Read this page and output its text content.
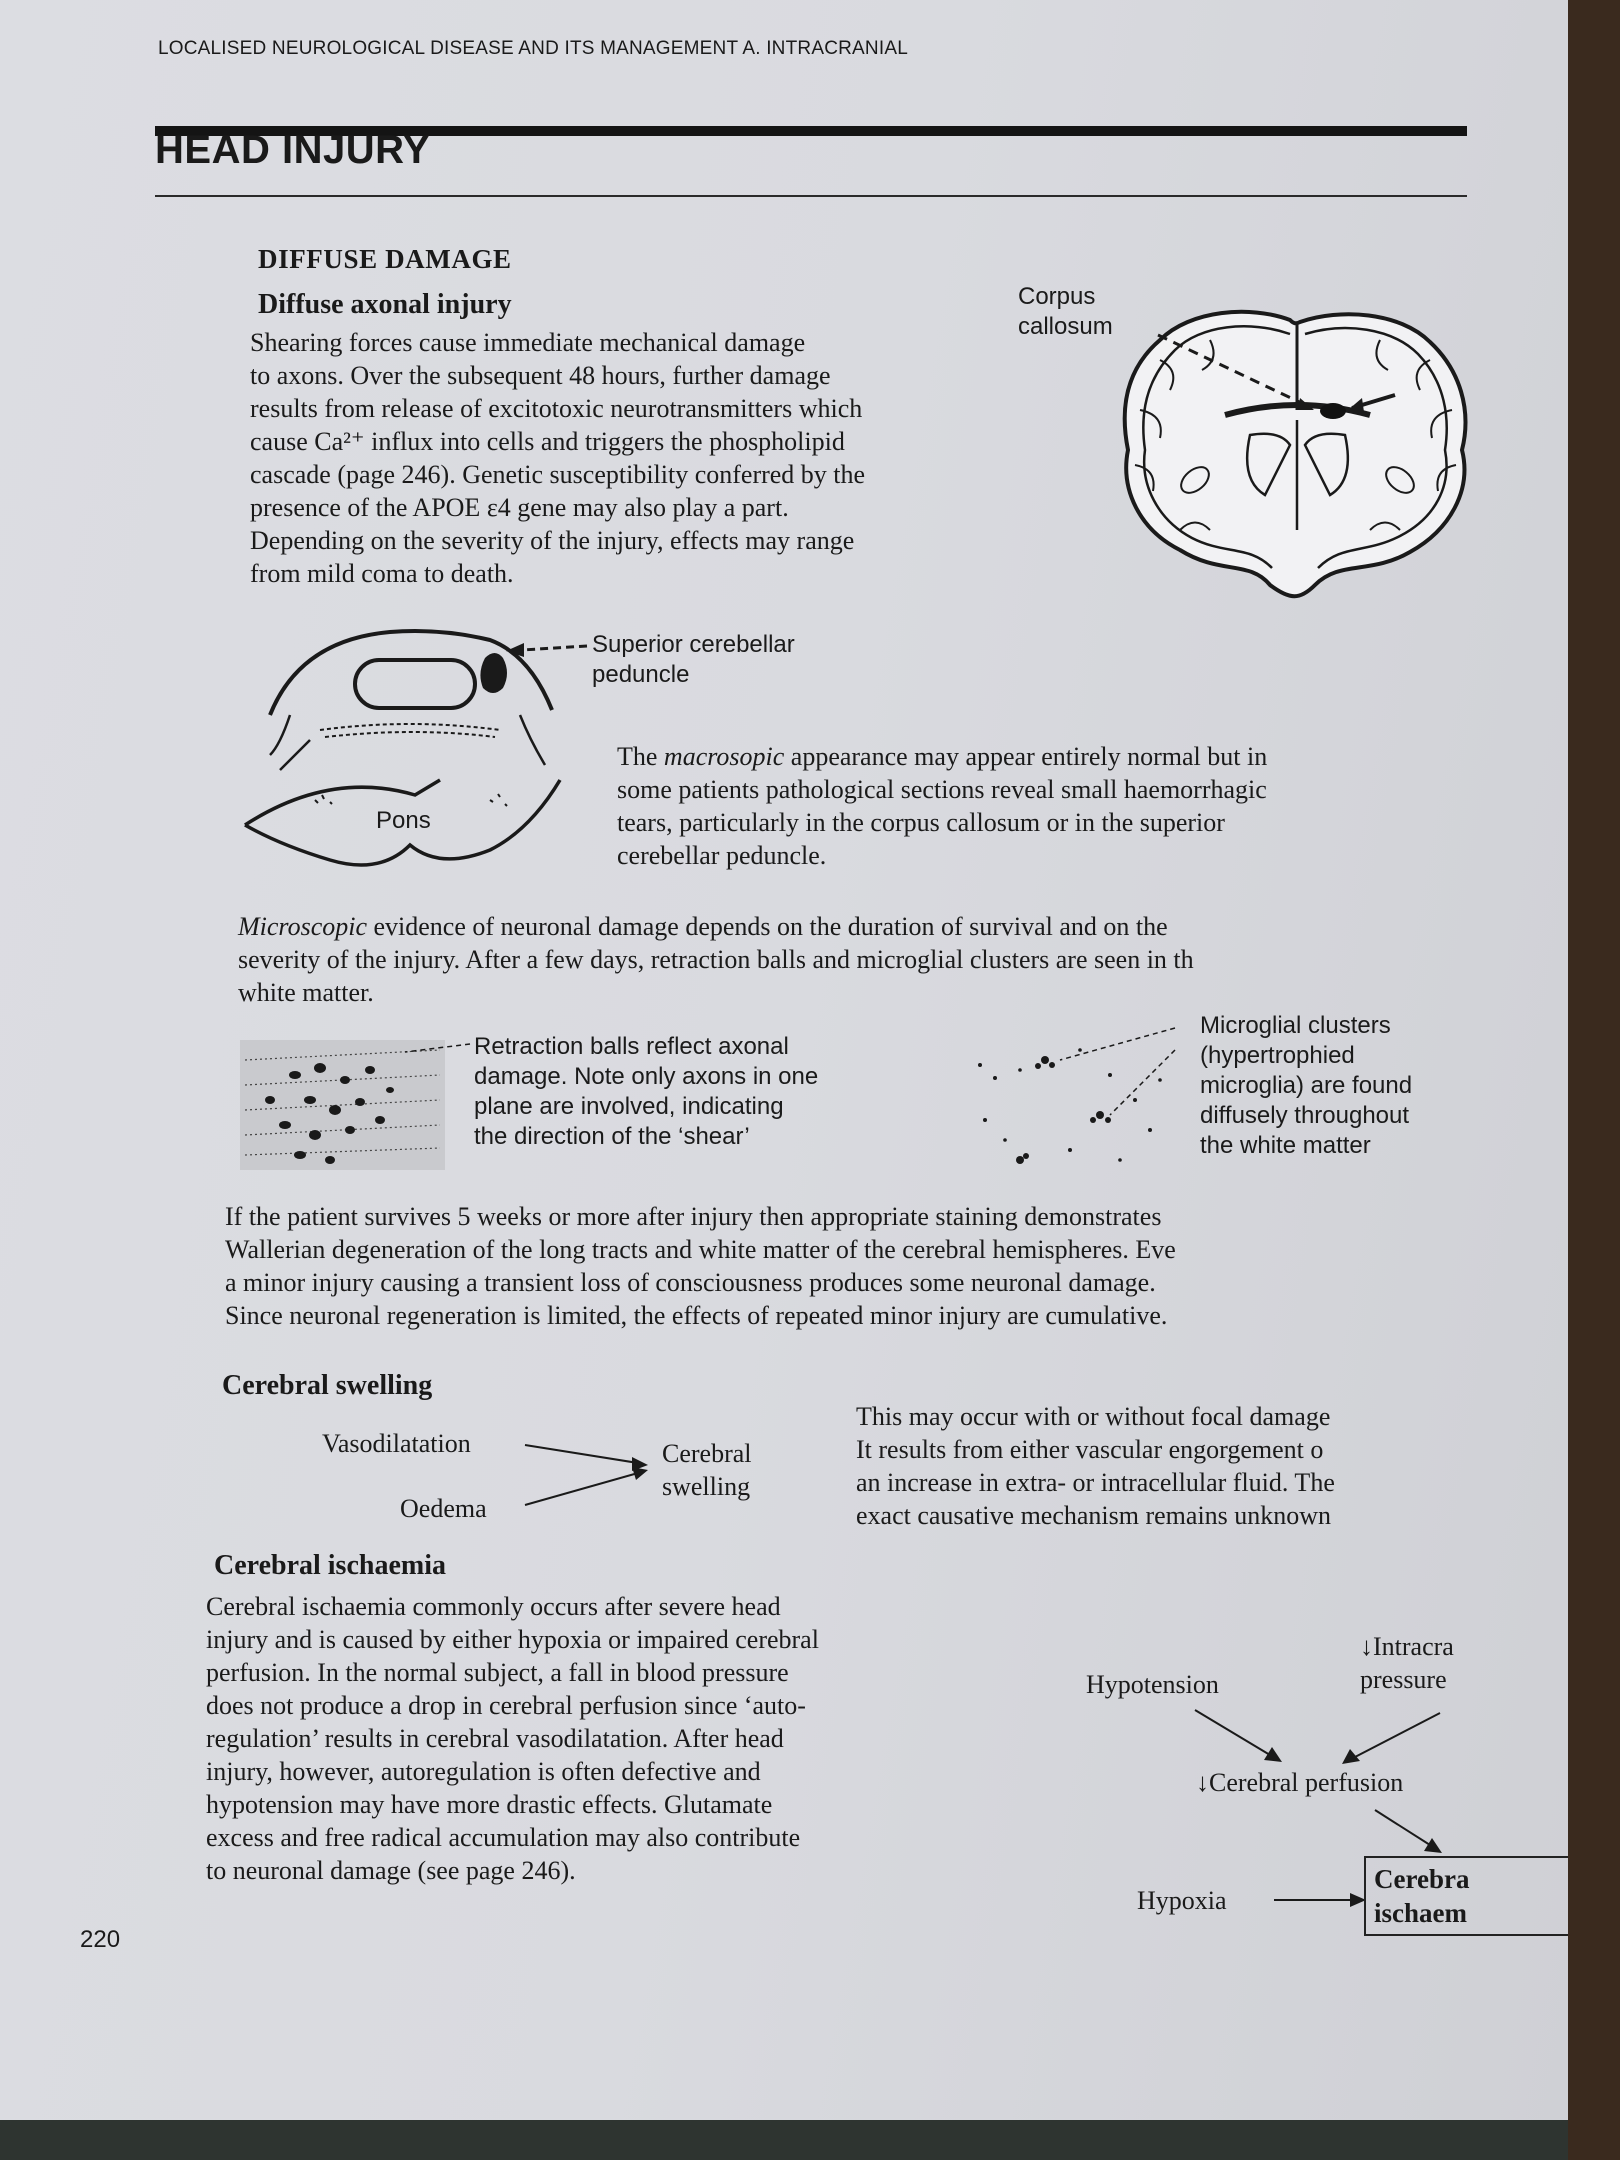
LOCALISED NEUROLOGICAL DISEASE AND ITS MANAGEMENT A. INTRACRANIAL
HEAD INJURY
DIFFUSE DAMAGE
Diffuse axonal injury
Shearing forces cause immediate mechanical damage
to axons. Over the subsequent 48 hours, further damage
results from release of excitotoxic neurotransmitters which
cause Ca²⁺ influx into cells and triggers the phospholipid
cascade (page 246). Genetic susceptibility conferred by the
presence of the APOE ε4 gene may also play a part.
Depending on the severity of the injury, effects may range
from mild coma to death.
Corpus
callosum
Pons
Superior cerebellar
peduncle
The macrosopic appearance may appear entirely normal but in
some patients pathological sections reveal small haemorrhagic
tears, particularly in the corpus callosum or in the superior
cerebellar peduncle.
Microscopic evidence of neuronal damage depends on the duration of survival and on the
severity of the injury. After a few days, retraction balls and microglial clusters are seen in th
white matter.
Retraction balls reflect axonal
damage. Note only axons in one
plane are involved, indicating
the direction of the ‘shear’
Microglial clusters
(hypertrophied
microglia) are found
diffusely throughout
the white matter
If the patient survives 5 weeks or more after injury then appropriate staining demonstrates
Wallerian degeneration of the long tracts and white matter of the cerebral hemispheres. Eve
a minor injury causing a transient loss of consciousness produces some neuronal damage.
Since neuronal regeneration is limited, the effects of repeated minor injury are cumulative.
Cerebral swelling
Vasodilatation
Oedema
Cerebral
swelling
This may occur with or without focal damage
It results from either vascular engorgement o
an increase in extra- or intracellular fluid. The
exact causative mechanism remains unknown
Cerebral ischaemia
Cerebral ischaemia commonly occurs after severe head
injury and is caused by either hypoxia or impaired cerebral
perfusion. In the normal subject, a fall in blood pressure
does not produce a drop in cerebral perfusion since ‘auto-
regulation’ results in cerebral vasodilatation. After head
injury, however, autoregulation is often defective and
hypotension may have more drastic effects. Glutamate
excess and free radical accumulation may also contribute
to neuronal damage (see page 246).
Hypotension
↓Intracra
pressure
↓Cerebral perfusion
Hypoxia
Cerebra
ischaem
220
